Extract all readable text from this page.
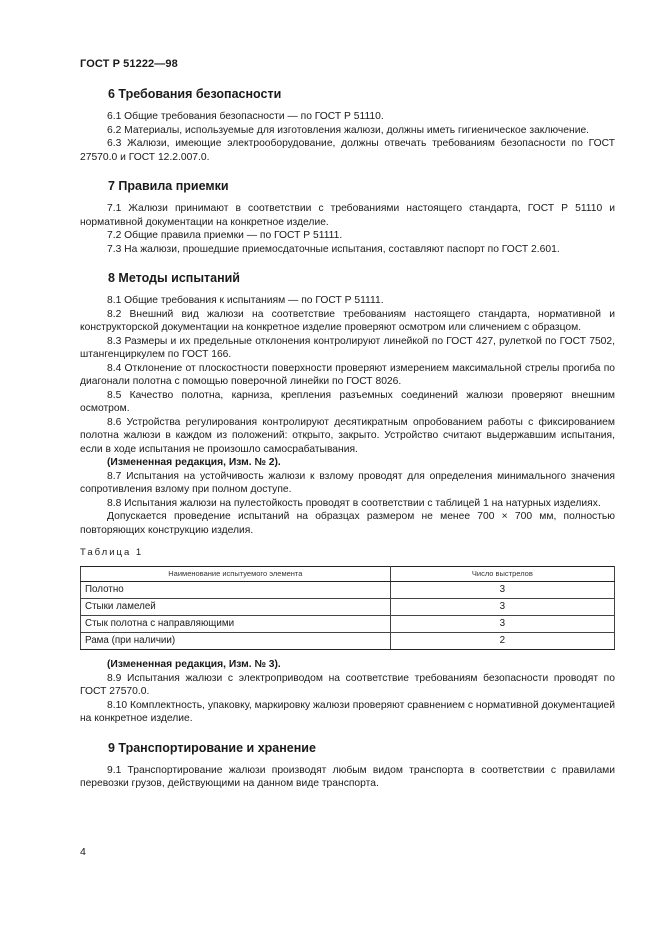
ГОСТ Р 51222—98
6 Требования безопасности

6.1 Общие требования безопасности — по ГОСТ Р 51110.

6.2 Материалы, используемые для изготовления жалюзи, должны иметь гигиеническое заключение.

6.3 Жалюзи, имеющие электрооборудование, должны отвечать требованиям безопасности по ГОСТ 27570.0 и ГОСТ 12.2.007.0.

7 Правила приемки

7.1 Жалюзи принимают в соответствии с требованиями настоящего стандарта, ГОСТ Р 51110 и нормативной документации на конкретное изделие.

7.2 Общие правила приемки — по ГОСТ Р 51111.

7.3 На жалюзи, прошедшие приемосдаточные испытания, составляют паспорт по ГОСТ 2.601.

8 Методы испытаний

8.1 Общие требования к испытаниям — по ГОСТ Р 51111.

8.2 Внешний вид жалюзи на соответствие требованиям настоящего стандарта, нормативной и конструкторской документации на конкретное изделие проверяют осмотром или сличением с образцом.

8.3 Размеры и их предельные отклонения контролируют линейкой по ГОСТ 427, рулеткой по ГОСТ 7502, штангенциркулем по ГОСТ 166.

8.4 Отклонение от плоскостности поверхности проверяют измерением максимальной стрелы прогиба по диагонали полотна с помощью поверочной линейки по ГОСТ 8026.

8.5 Качество полотна, карниза, крепления разъемных соединений жалюзи проверяют внешним осмотром.

8.6 Устройства регулирования контролируют десятикратным опробованием работы с фиксированием полотна жалюзи в каждом из положений: открыто, закрыто. Устройство считают выдержавшим испытания, если в ходе испытания не произошло самосрабатывания.

(Измененная редакция, Изм. № 2).

8.7 Испытания на устойчивость жалюзи к взлому проводят для определения минимального значения сопротивления взлому при полном доступе.

8.8 Испытания жалюзи на пулестойкость проводят в соответствии с таблицей 1 на натурных изделиях.

Допускается проведение испытаний на образцах размером не менее 700 × 700 мм, полностью повторяющих конструкцию изделия.

Таблица 1
Наименование испытуемого элемента	Число выстрелов
Полотно	3
Стыки ламелей	3
Стык полотна с направляющими	3
Рама (при наличии)	2

(Измененная редакция, Изм. № 3).

8.9 Испытания жалюзи с электроприводом на соответствие требованиям безопасности проводят по ГОСТ 27570.0.

8.10 Комплектность, упаковку, маркировку жалюзи проверяют сравнением с нормативной документацией на конкретное изделие.

9 Транспортирование и хранение

9.1 Транспортирование жалюзи производят любым видом транспорта в соответствии с правилами перевозки грузов, действующими на данном виде транспорта.

4
